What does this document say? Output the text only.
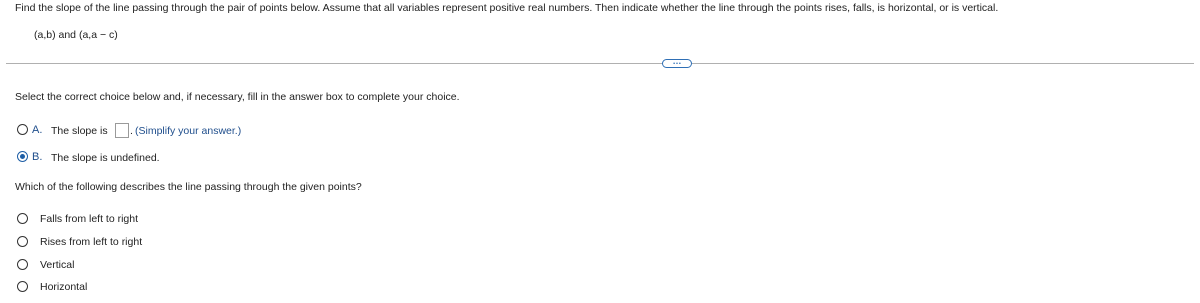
Find the slope of the line passing through the pair of points below. Assume that all variables represent positive real numbers. Then indicate whether the line through the points rises, falls, is horizontal, or is vertical.
(a,b) and (a,a − c)
…
Select the correct choice below and, if necessary, fill in the answer box to complete your choice.
A. The slope is . (Simplify your answer.)
B. The slope is undefined.
Which of the following describes the line passing through the given points?
Falls from left to right
Rises from left to right
Vertical
Horizontal
